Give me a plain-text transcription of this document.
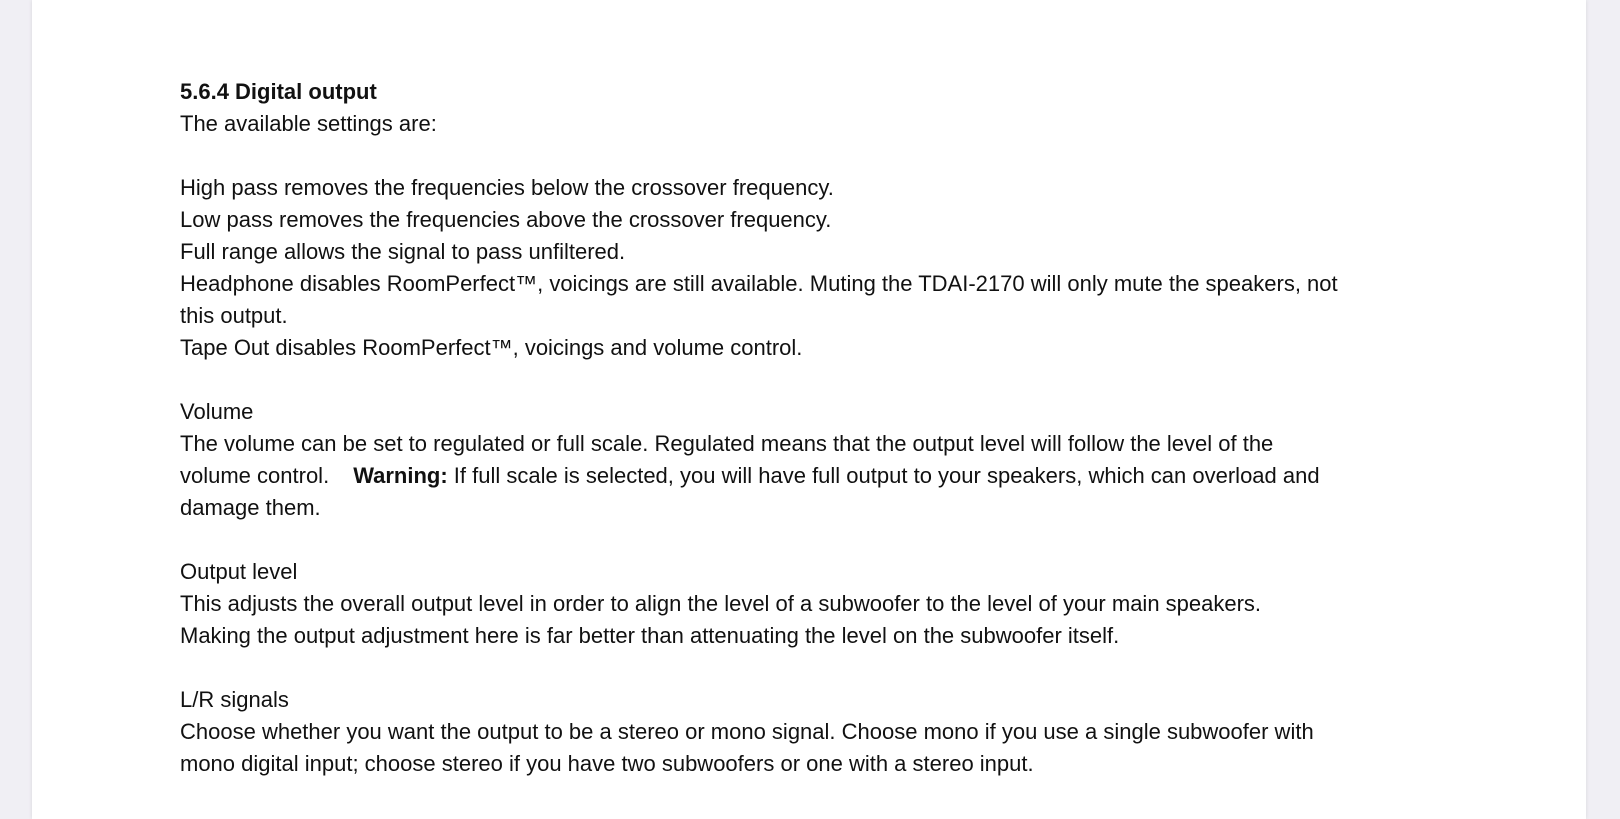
5.6.4 Digital output
The available settings are:
High pass removes the frequencies below the crossover frequency.
Low pass removes the frequencies above the crossover frequency.
Full range allows the signal to pass unfiltered.
Headphone disables RoomPerfect™, voicings are still available. Muting the TDAI-2170 will only mute the speakers, not
this output.
Tape Out disables RoomPerfect™, voicings and volume control.
Volume
The volume can be set to regulated or full scale. Regulated means that the output level will follow the level of the
volume control. Warning: If full scale is selected, you will have full output to your speakers, which can overload and
damage them.
Output level
This adjusts the overall output level in order to align the level of a subwoofer to the level of your main speakers.
Making the output adjustment here is far better than attenuating the level on the subwoofer itself.
L/R signals
Choose whether you want the output to be a stereo or mono signal. Choose mono if you use a single subwoofer with
mono digital input; choose stereo if you have two subwoofers or one with a stereo input.
